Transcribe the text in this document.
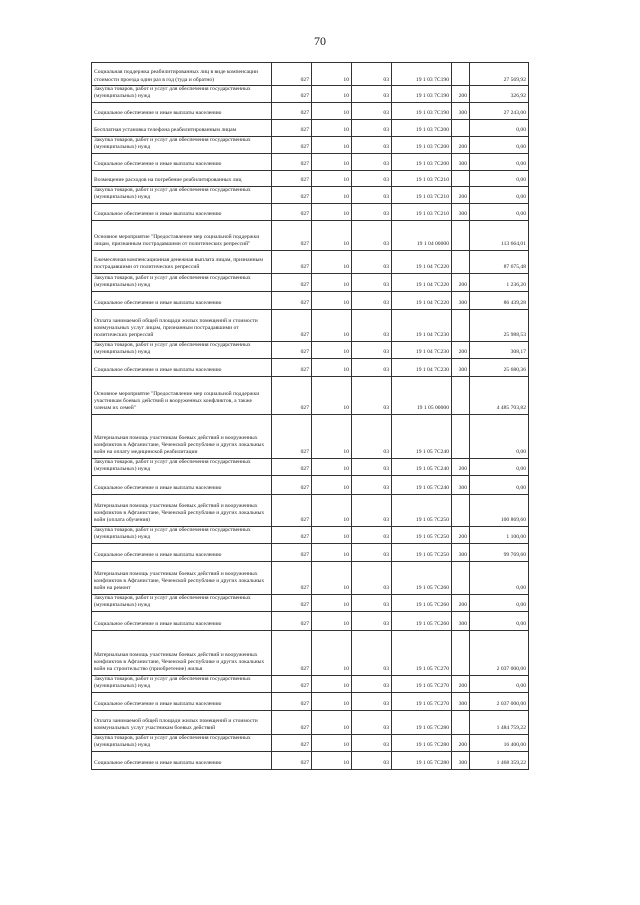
70
Социальная поддержка реабилитированных лиц в виде компенсации стоимости проезда один раз в год (туда и обратно)	027	10	03	19 1 03 7С190		27 569,92
Закупка товаров, работ и услуг для обеспечения государственных (муниципальных) нужд	027	10	03	19 1 03 7С190	200	326,92
Социальное обеспечение и иные выплаты населению	027	10	03	19 1 03 7С190	300	27 243,00
Бесплатная установка телефона реабилитированным лицам	027	10	03	19 1 03 7С200		0,00
Закупка товаров, работ и услуг для обеспечения государственных (муниципальных) нужд	027	10	03	19 1 03 7С200	200	0,00
Социальное обеспечение и иные выплаты населению	027	10	03	19 1 03 7С200	300	0,00
Возмещение расходов на погребение реабилитированных лиц	027	10	03	19 1 03 7С210		0,00
Закупка товаров, работ и услуг для обеспечения государственных (муниципальных) нужд	027	10	03	19 1 03 7С210	200	0,00
Социальное обеспечение и иные выплаты населению	027	10	03	19 1 03 7С210	300	0,00
Основное мероприятие "Предоставление мер социальной поддержки лицам, признанным пострадавшими от политических репрессий"	027	10	03	19 1 04 00000		113 664,01
Ежемесячная компенсационная денежная выплата лицам, признанным пострадавшими от политических репрессий	027	10	03	19 1 04 7С220		87 675,48
Закупка товаров, работ и услуг для обеспечения государственных (муниципальных) нужд	027	10	03	19 1 04 7С220	200	1 236,20
Социальное обеспечение и иные выплаты населению	027	10	03	19 1 04 7С220	300	86 439,28
Оплата занимаемой общей площади жилых помещений и стоимости коммунальных услуг лицам, признанным пострадавшими от политических репрессий	027	10	03	19 1 04 7С230		25 988,53
Закупка товаров, работ и услуг для обеспечения государственных (муниципальных) нужд	027	10	03	19 1 04 7С230	200	308,17
Социальное обеспечение и иные выплаты населению	027	10	03	19 1 04 7С230	300	25 680,36
Основное мероприятие "Предоставление мер социальной поддержки участникам боевых действий и вооруженных конфликтов, а также членам их семей"	027	10	03	19 1 05 00000		4 485 703,82
Материальная помощь участникам боевых действий и вооруженных конфликтов в Афганистане, Чеченской республике и других локальных войн на оплату медицинской реабилитации	027	10	03	19 1 05 7С240		0,00
Закупка товаров, работ и услуг для обеспечения государственных (муниципальных) нужд	027	10	03	19 1 05 7С240	200	0,00
Социальное обеспечение и иные выплаты населению	027	10	03	19 1 05 7С240	300	0,00
Материальная помощь участникам боевых действий и вооруженных конфликтов в Афганистане, Чеченской республике и других локальных войн (оплата обучения)	027	10	03	19 1 05 7С250		100 869,60
Закупка товаров, работ и услуг для обеспечения государственных (муниципальных) нужд	027	10	03	19 1 05 7С250	200	1 100,00
Социальное обеспечение и иные выплаты населению	027	10	03	19 1 05 7С250	300	99 769,60
Материальная помощь участникам боевых действий и вооруженных конфликтов в Афганистане, Чеченской республике и других локальных войн на ремонт	027	10	03	19 1 05 7С260		0,00
Закупка товаров, работ и услуг для обеспечения государственных (муниципальных) нужд	027	10	03	19 1 05 7С260	200	0,00
Социальное обеспечение и иные выплаты населению	027	10	03	19 1 05 7С260	300	0,00
Материальная помощь участникам боевых действий и вооруженных конфликтов в Афганистане, Чеченской республике и других локальных войн на строительство (приобретение) жилья	027	10	03	19 1 05 7С270		2 037 000,00
Закупка товаров, работ и услуг для обеспечения государственных (муниципальных) нужд	027	10	03	19 1 05 7С270	200	0,00
Социальное обеспечение и иные выплаты населению	027	10	03	19 1 05 7С270	300	2 037 000,00
Оплата занимаемой общей площади жилых помещений и стоимости коммунальных услуг участникам боевых действий	027	10	03	19 1 05 7С280		1 484 759,22
Закупка товаров, работ и услуг для обеспечения государственных (муниципальных) нужд	027	10	03	19 1 05 7С280	200	16 400,00
Социальное обеспечение и иные выплаты населению	027	10	03	19 1 05 7С280	300	1 468 359,22
